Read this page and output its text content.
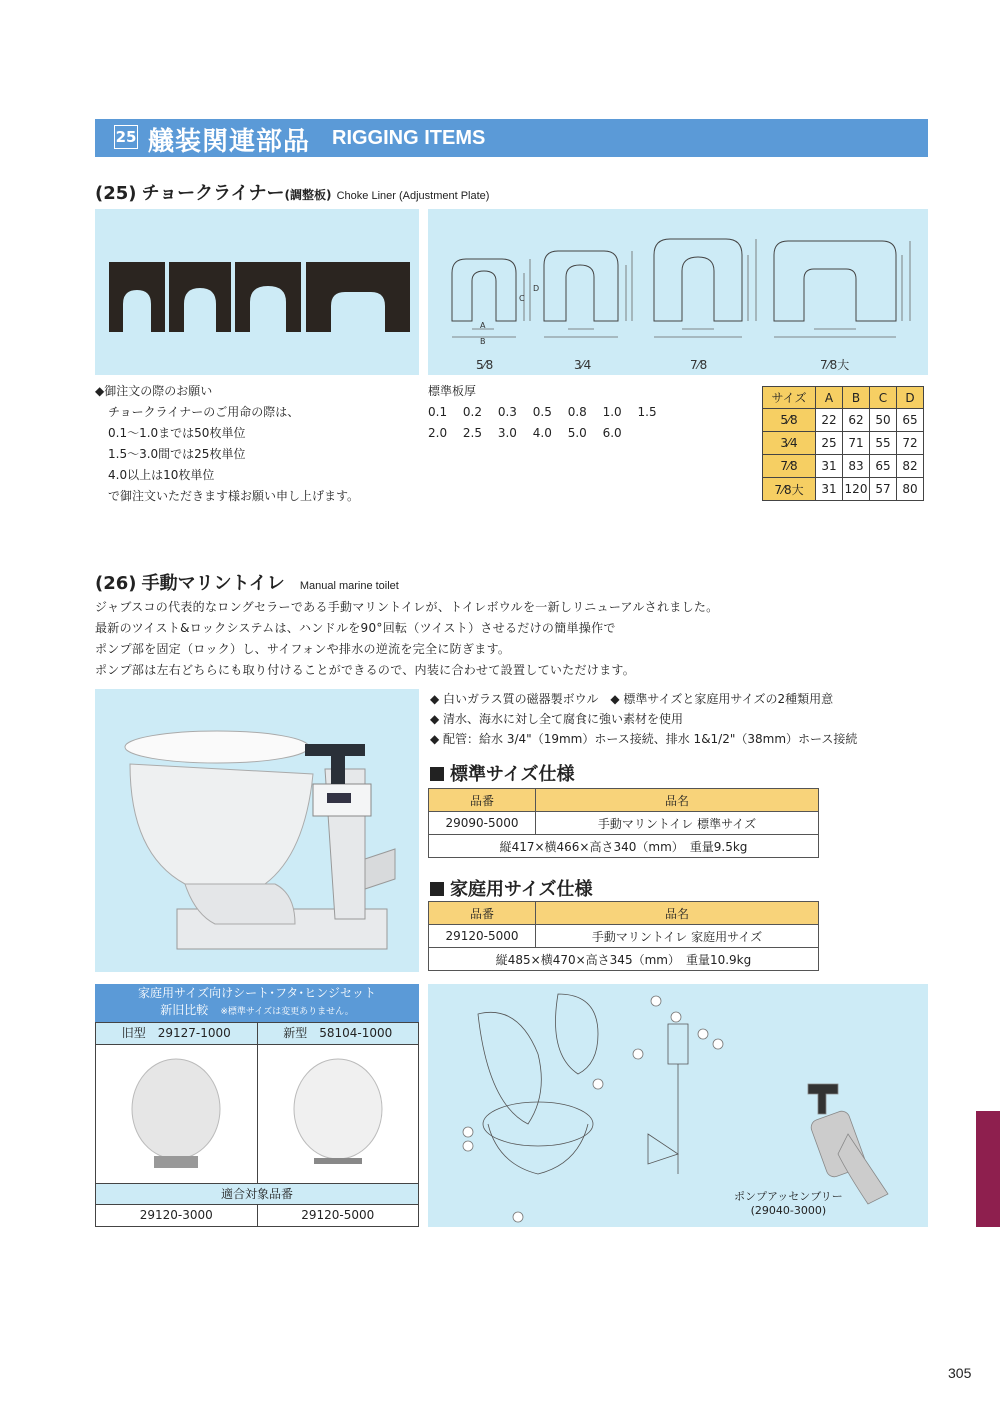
25 艤装関連部品 RIGGING ITEMS
(25) チョークライナー(調整板) Choke Liner (Adjustment Plate)
A
B
C
D
5⁄8	3⁄4	7⁄8	7⁄8大
◆御注文の際のお願い
チョークライナーのご用命の際は、
0.1〜1.0までは50枚単位
1.5〜3.0間では25枚単位
4.0以上は10枚単位
で御注文いただきます様お願い申し上げます。
標準板厚
0.1 0.2 0.3 0.5 0.8 1.0 1.5
2.0 2.5 3.0 4.0 5.0 6.0
サイズ	A	B	C	D
5⁄8	22	62	50	65
3⁄4	25	71	55	72
7⁄8	31	83	65	82
7⁄8大	31	120	57	80
(26) 手動マリントイレ Manual marine toilet
ジャブスコの代表的なロングセラーである手動マリントイレが、トイレボウルを一新しリニューアルされました。
最新のツイスト&ロックシステムは、ハンドルを90°回転（ツイスト）させるだけの簡単操作で
ポンプ部を固定（ロック）し、サイフォンや排水の逆流を完全に防ぎます。
ポンプ部は左右どちらにも取り付けることができるので、内装に合わせて設置していただけます。
◆ 白いガラス質の磁器製ボウル　◆ 標準サイズと家庭用サイズの2種類用意
◆ 清水、海水に対し全て腐食に強い素材を使用
◆ 配管：給水 3/4"（19mm）ホース接続、排水 1&1/2"（38mm）ホース接続
標準サイズ仕様
品番	品名
29090-5000	手動マリントイレ 標準サイズ
縦417×横466×高さ340（mm）　重量9.5kg	
家庭用サイズ仕様
品番	品名
29120-5000	手動マリントイレ 家庭用サイズ
縦485×横470×高さ345（mm）　重量10.9kg	
家庭用サイズ向けシート･フタ･ヒンジセット
新旧比較　 ※標準サイズは変更ありません。
旧型　29127-1000	新型　58104-1000
適合対象品番
29120-3000	29120-5000
ポンプアッセンブリー
(29040-3000)
305
